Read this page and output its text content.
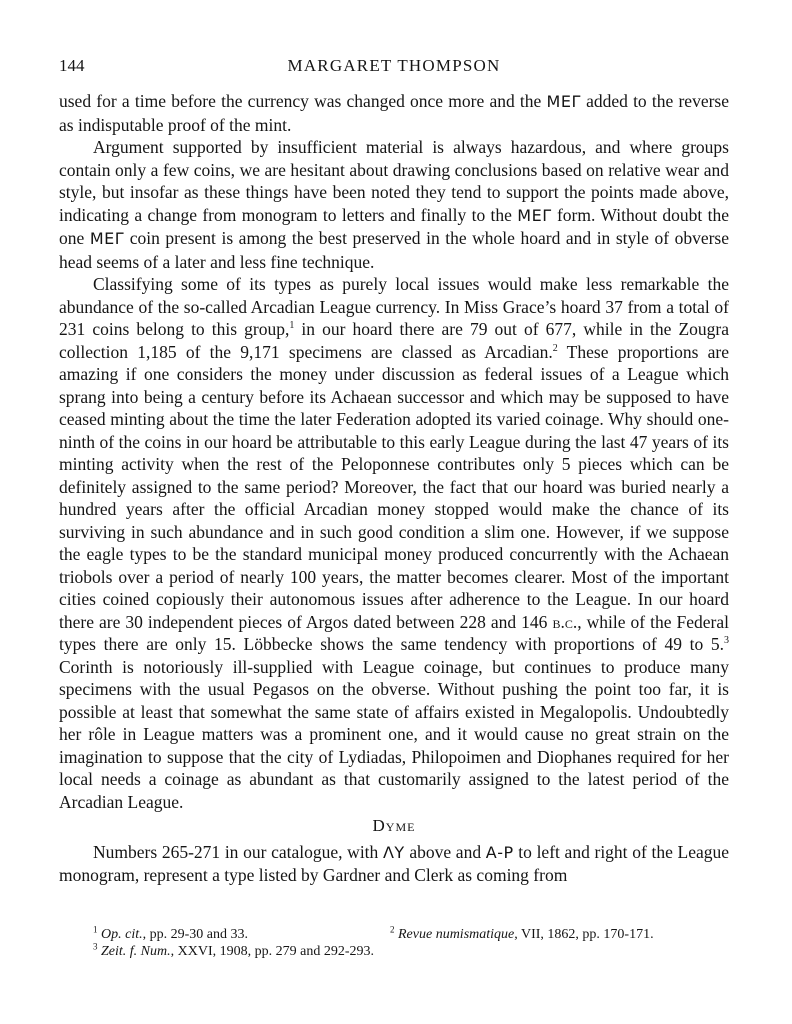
144	MARGARET THOMPSON

used for a time before the currency was changed once more and the ΜΕΓ added to the reverse as indisputable proof of the mint.

Argument supported by insufficient material is always hazardous, and where groups contain only a few coins, we are hesitant about drawing conclusions based on relative wear and style, but insofar as these things have been noted they tend to support the points made above, indicating a change from monogram to letters and finally to the ΜΕΓ form. Without doubt the one ΜΕΓ coin present is among the best preserved in the whole hoard and in style of obverse head seems of a later and less fine technique.

Classifying some of its types as purely local issues would make less remarkable the abundance of the so-called Arcadian League currency. In Miss Grace’s hoard 37 from a total of 231 coins belong to this group,$^1$ in our hoard there are 79 out of 677, while in the Zougra collection 1,185 of the 9,171 specimens are classed as Arcadian.$^2$ These proportions are amazing if one considers the money under discussion as federal issues of a League which sprang into being a century before its Achaean successor and which may be supposed to have ceased minting about the time the later Federation adopted its varied coinage. Why should one-ninth of the coins in our hoard be attributable to this early League during the last 47 years of its minting activity when the rest of the Peloponnese contributes only 5 pieces which can be definitely assigned to the same period? Moreover, the fact that our hoard was buried nearly a hundred years after the official Arcadian money stopped would make the chance of its surviving in such abundance and in such good condition a slim one. However, if we suppose the eagle types to be the standard municipal money produced concurrently with the Achaean triobols over a period of nearly 100 years, the matter becomes clearer. Most of the important cities coined copiously their autonomous issues after adherence to the League. In our hoard there are 30 independent pieces of Argos dated between 228 and 146 b.c., while of the Federal types there are only 15. Löbbecke shows the same tendency with proportions of 49 to 5.$^3$ Corinth is notoriously ill-supplied with League coinage, but continues to produce many specimens with the usual Pegasos on the obverse. Without pushing the point too far, it is possible at least that somewhat the same state of affairs existed in Megalopolis. Undoubtedly her rôle in League matters was a prominent one, and it would cause no great strain on the imagination to suppose that the city of Lydiadas, Philopoimen and Diophanes required for her local needs a coinage as abundant as that customarily assigned to the latest period of the Arcadian League.

Dyme

Numbers 265-271 in our catalogue, with ΛΥ above and Α-Ρ to left and right of the League monogram, represent a type listed by Gardner and Clerk as coming from

$^1$ Op. cit., pp. 29-30 and 33.	$^2$ Revue numismatique, VII, 1862, pp. 170-171.
$^3$ Zeit. f. Num., XXVI, 1908, pp. 279 and 292-293.
